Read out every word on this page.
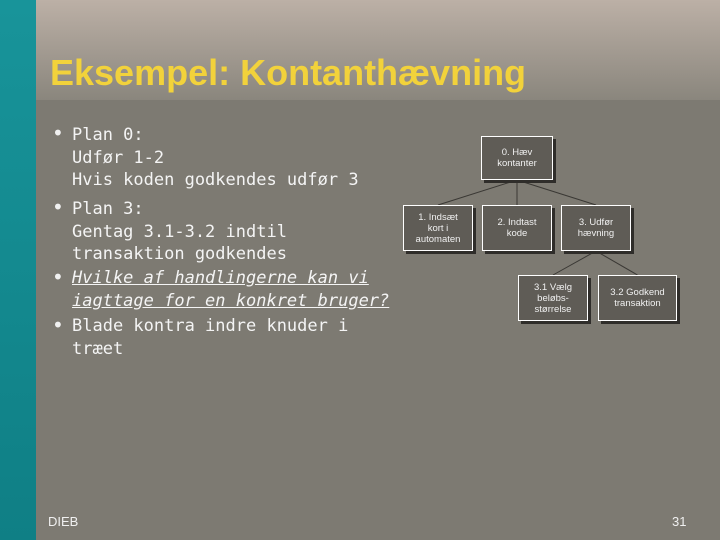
Eksempel: Kontanthævning
• Plan 0:
Udfør 1-2
Hvis koden godkendes udfør 3
• Plan 3:
Gentag 3.1-3.2 indtil
transaktion godkendes
• Hvilke af handlingerne kan vi
iagttage for en konkret bruger?
• Blade kontra indre knuder i
træet
0. Hæv
kontanter
1. Indsæt
kort i
automaten
2. Indtast
kode
3. Udfør
hævning
3.1 Vælg
beløbs-
størrelse
3.2 Godkend
transaktion
DIEB	31
